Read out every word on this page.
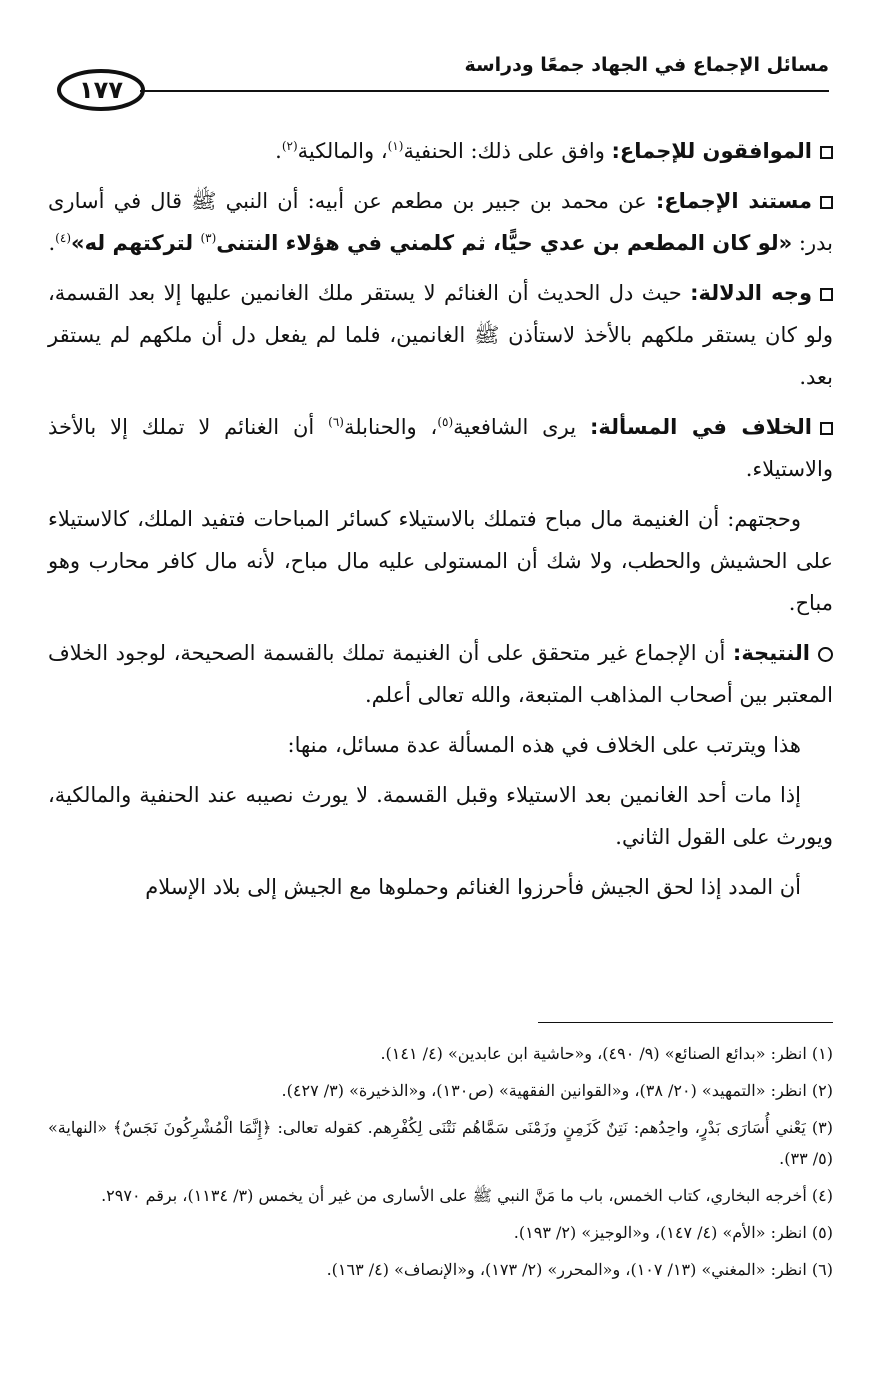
مسائل الإجماع في الجهاد جمعًا ودراسة
١٧٧

الموافقون للإجماع: وافق على ذلك: الحنفية$^{(١)}$، والمالكية$^{(٢)}$.

مستند الإجماع: عن محمد بن جبير بن مطعم عن أبيه: أن النبي ﷺ قال في أسارى بدر: «لو كان المطعم بن عدي حيًّا، ثم كلمني في هؤلاء النتنى$^{(٣)}$ لتركتهم له»$^{(٤)}$.

وجه الدلالة: حيث دل الحديث أن الغنائم لا يستقر ملك الغانمين عليها إلا بعد القسمة، ولو كان يستقر ملكهم بالأخذ لاستأذن ﷺ الغانمين، فلما لم يفعل دل أن ملكهم لم يستقر بعد.

الخلاف في المسألة: يرى الشافعية$^{(٥)}$، والحنابلة$^{(٦)}$ أن الغنائم لا تملك إلا بالأخذ والاستيلاء.

وحجتهم: أن الغنيمة مال مباح فتملك بالاستيلاء كسائر المباحات فتفيد الملك، كالاستيلاء على الحشيش والحطب، ولا شك أن المستولى عليه مال مباح، لأنه مال كافر محارب وهو مباح.

النتيجة: أن الإجماع غير متحقق على أن الغنيمة تملك بالقسمة الصحيحة، لوجود الخلاف المعتبر بين أصحاب المذاهب المتبعة، والله تعالى أعلم.

هذا ويترتب على الخلاف في هذه المسألة عدة مسائل، منها:

إذا مات أحد الغانمين بعد الاستيلاء وقبل القسمة. لا يورث نصيبه عند الحنفية والمالكية، ويورث على القول الثاني.

أن المدد إذا لحق الجيش فأحرزوا الغنائم وحملوها مع الجيش إلى بلاد الإسلام

(١) انظر: «بدائع الصنائع» (٩/ ٤٩٠)، و«حاشية ابن عابدين» (٤/ ١٤١).

(٢) انظر: «التمهيد» (٢٠/ ٣٨)، و«القوانين الفقهية» (ص١٣٠)، و«الذخيرة» (٣/ ٤٢٧).

(٣) يَعْني أُسَارَى بَدْرٍ، واحِدُهم: نَتِنٌ كَزَمِنٍ وزَمْنَى سَمَّاهُم نَتْنَى لِكُفْرِهم. كقوله تعالى: ﴿إِنَّمَا الْمُشْرِكُونَ نَجَسٌ﴾ «النهاية» (٥/ ٣٣).

(٤) أخرجه البخاري، كتاب الخمس، باب ما مَنَّ النبي ﷺ على الأسارى من غير أن يخمس (٣/ ١١٣٤)، برقم ٢٩٧٠.

(٥) انظر: «الأم» (٤/ ١٤٧)، و«الوجيز» (٢/ ١٩٣).

(٦) انظر: «المغني» (١٣/ ١٠٧)، و«المحرر» (٢/ ١٧٣)، و«الإنصاف» (٤/ ١٦٣).
